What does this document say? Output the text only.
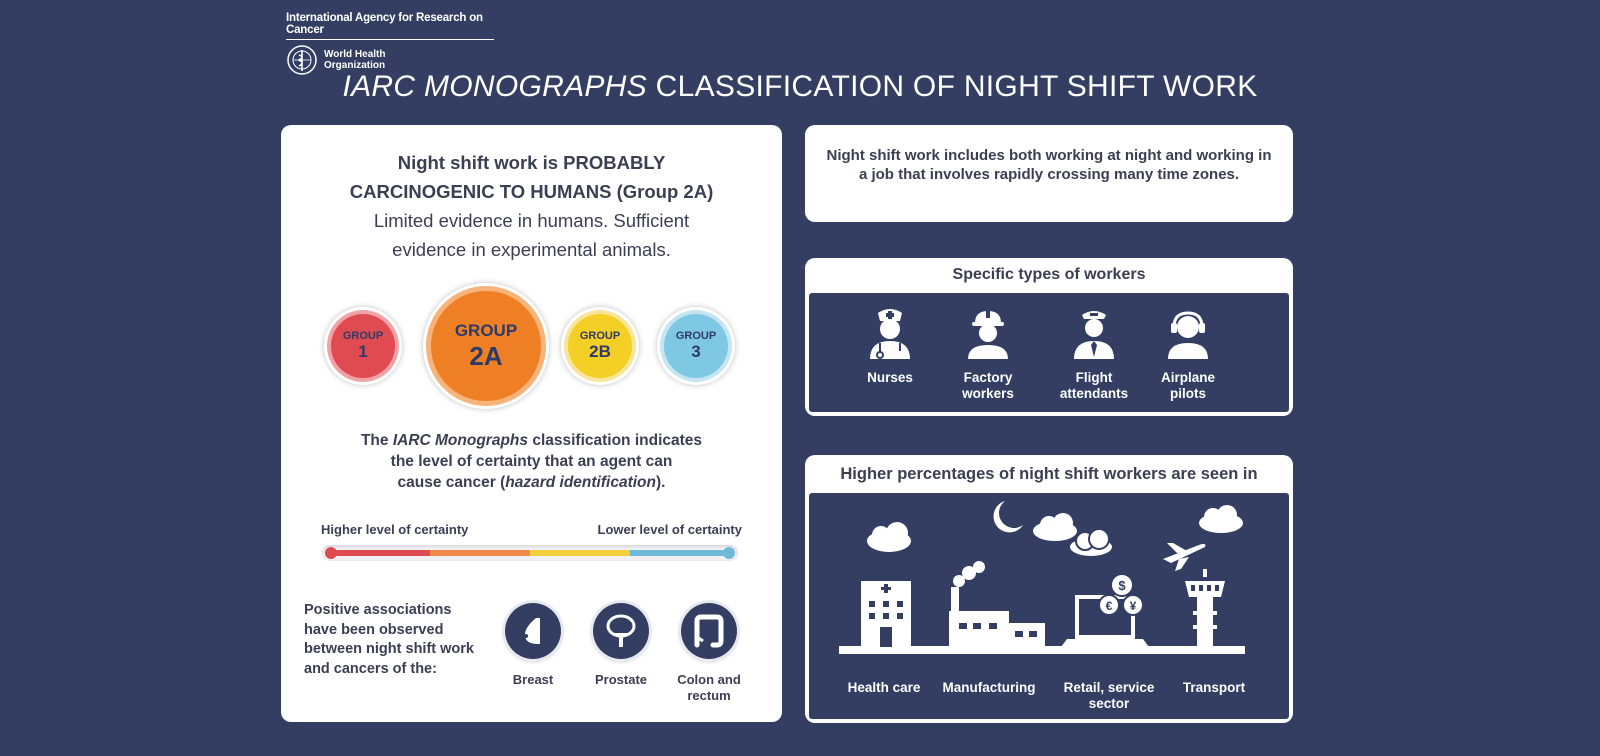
International Agency for Research on Cancer
World Health
Organization
IARC MONOGRAPHS CLASSIFICATION OF NIGHT SHIFT WORK
Night shift work is PROBABLY
CARCINOGENIC TO HUMANS (Group 2A)
Limited evidence in humans. Sufficient
evidence in experimental animals.
GROUP
1
GROUP
2A
GROUP
2B
GROUP
3
The IARC Monographs classification indicates
the level of certainty that an agent can
cause cancer (hazard identification).
Higher level of certainty	Lower level of certainty
Positive associations have been observed between night shift work and cancers of the:
Breast	Prostate	Colon and rectum
Night shift work includes both working at night and working in a job that involves rapidly crossing many time zones.
Specific types of workers
Nurses	Factory workers
Flight attendants
Airplane pilots
Higher percentages of night shift workers are seen in
$
€ ¥
Health care	Manufacturing	Retail, service sector
Transport
